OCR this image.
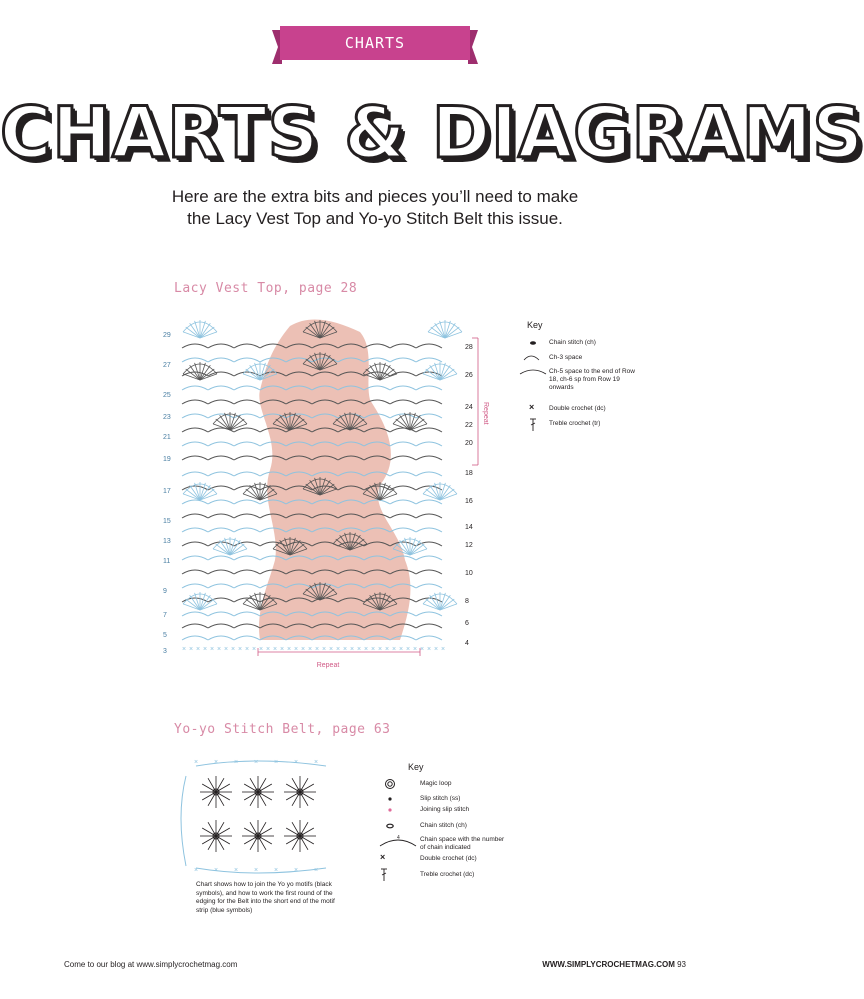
CHARTS
CHARTS & DIAGRAMS
Here are the extra bits and pieces you’ll need to make
the Lacy Vest Top and Yo-yo Stitch Belt this issue.
Lacy Vest Top, page 28
× × × × × × × × × × × × × × × × × × × × × × × × × × × × × × × × × × × × × ×
Repeat
Repeat
29
27
25
23
21
19
17
15
13
11
9
7
5
3
28
26
24
22
20
18
16
14
12
10
8
6
4
Key
Chain stitch (ch)
Ch-3 space
Ch-5 space to the end of Row
18, ch-6 sp from Row 19
onwards
×	Double crochet (dc)
Treble crochet (tr)
Yo-yo Stitch Belt, page 63
×
×
×
×
×
×
×
×
×
×
×
×
×
×
Key
Magic loop
Slip stitch (ss)
Joining slip stitch
Chain stitch (ch)
4	Chain space with the number
of chain indicated
×	Double crochet (dc)
Treble crochet (dc)
Chart shows how to join the Yo yo motifs (black
symbols), and how to work the first round of the
edging for the Belt into the short end of the motif
strip (blue symbols)
Come to our blog at www.simplycrochetmag.com	WWW.SIMPLYCROCHETMAG.COM 93
